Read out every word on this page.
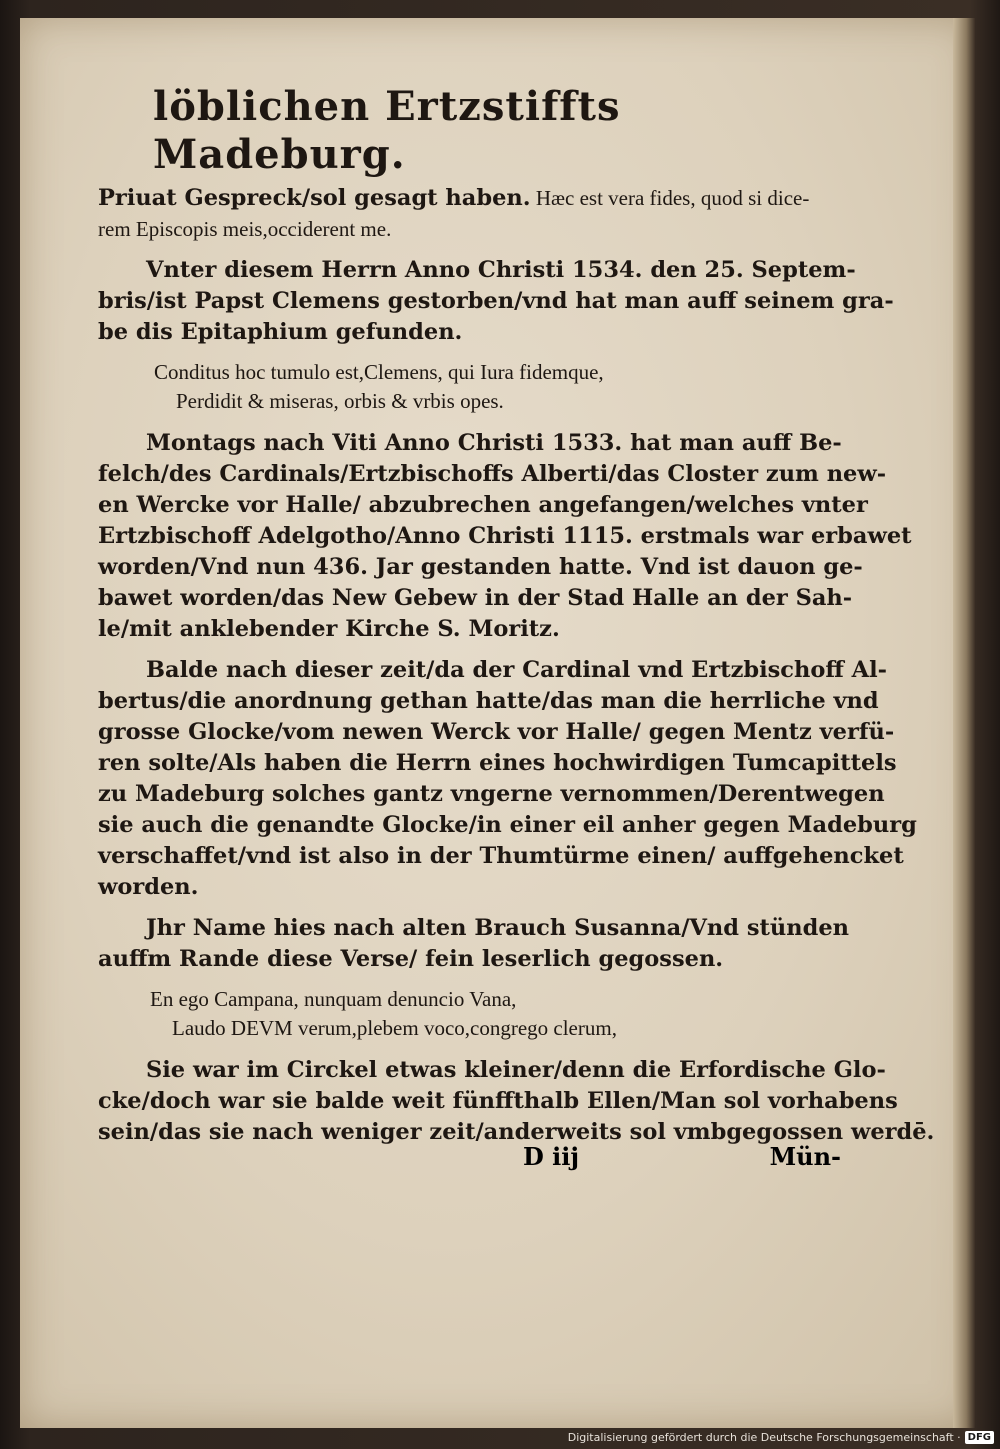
löblichen Ertzstiffts Madeburg.
Priuat Gespreck/sol gesagt haben. Hæc est vera fides, quod si dice-
rem Episcopis meis,occiderent me.
Vnter diesem Herrn Anno Christi 1534. den 25. Septem-
bris/ist Papst Clemens gestorben/vnd hat man auff seinem gra-
be dis Epitaphium gefunden.
Conditus hoc tumulo est,Clemens, qui Iura fidemque,
Perdidit & miseras, orbis & vrbis opes.
Montags nach Viti Anno Christi 1533. hat man auff Be-
felch/des Cardinals/Ertzbischoffs Alberti/das Closter zum new-
en Wercke vor Halle/ abzubrechen angefangen/welches vnter
Ertzbischoff Adelgotho/Anno Christi 1115. erstmals war erbawet
worden/Vnd nun 436. Jar gestanden hatte. Vnd ist dauon ge-
bawet worden/das New Gebew in der Stad Halle an der Sah-
le/mit anklebender Kirche S. Moritz.
Balde nach dieser zeit/da der Cardinal vnd Ertzbischoff Al-
bertus/die anordnung gethan hatte/das man die herrliche vnd
grosse Glocke/vom newen Werck vor Halle/ gegen Mentz verfü-
ren solte/Als haben die Herrn eines hochwirdigen Tumcapittels
zu Madeburg solches gantz vngerne vernommen/Derentwegen
sie auch die genandte Glocke/in einer eil anher gegen Madeburg
verschaffet/vnd ist also in der Thumtürme einen/ auffgehencket
worden.
Jhr Name hies nach alten Brauch Susanna/Vnd stünden
auffm Rande diese Verse/ fein leserlich gegossen.
En ego Campana, nunquam denuncio Vana,
Laudo DEVM verum,plebem voco,congrego clerum,
Sie war im Circkel etwas kleiner/denn die Erfordische Glo-
cke/doch war sie balde weit fünffthalb Ellen/Man sol vorhabens
sein/das sie nach weniger zeit/anderweits sol vmbgegossen werdē.
D iij	Mün-
Digitalisierung gefördert durch die Deutsche Forschungsgemeinschaft · DFG
